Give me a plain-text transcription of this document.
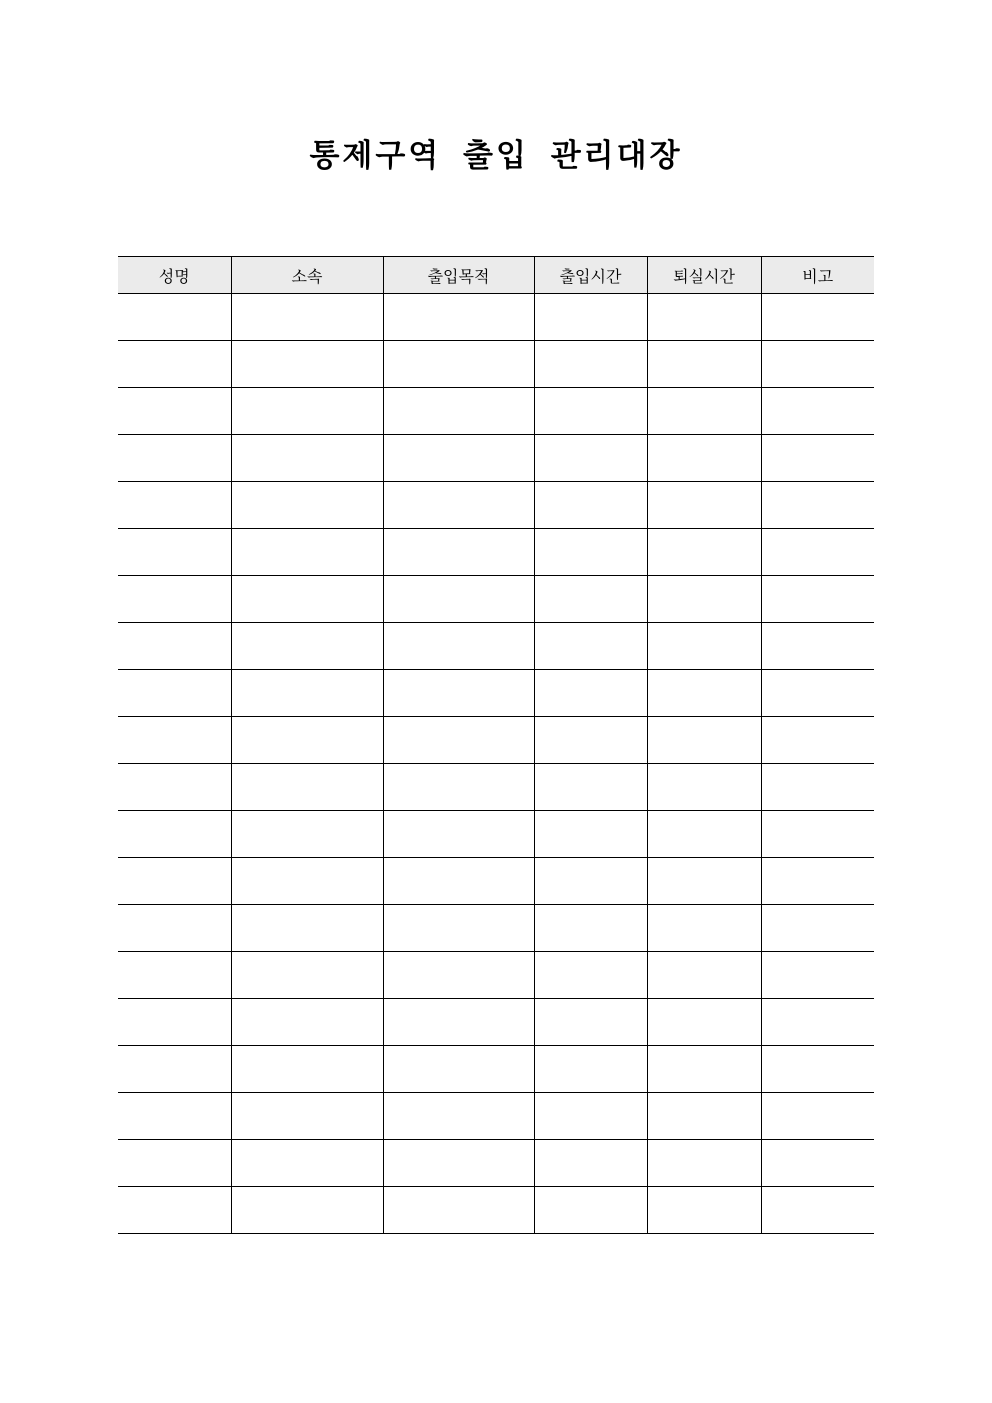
통제구역 출입 관리대장
성명	소속	출입목적	출입시간	퇴실시간	비고
